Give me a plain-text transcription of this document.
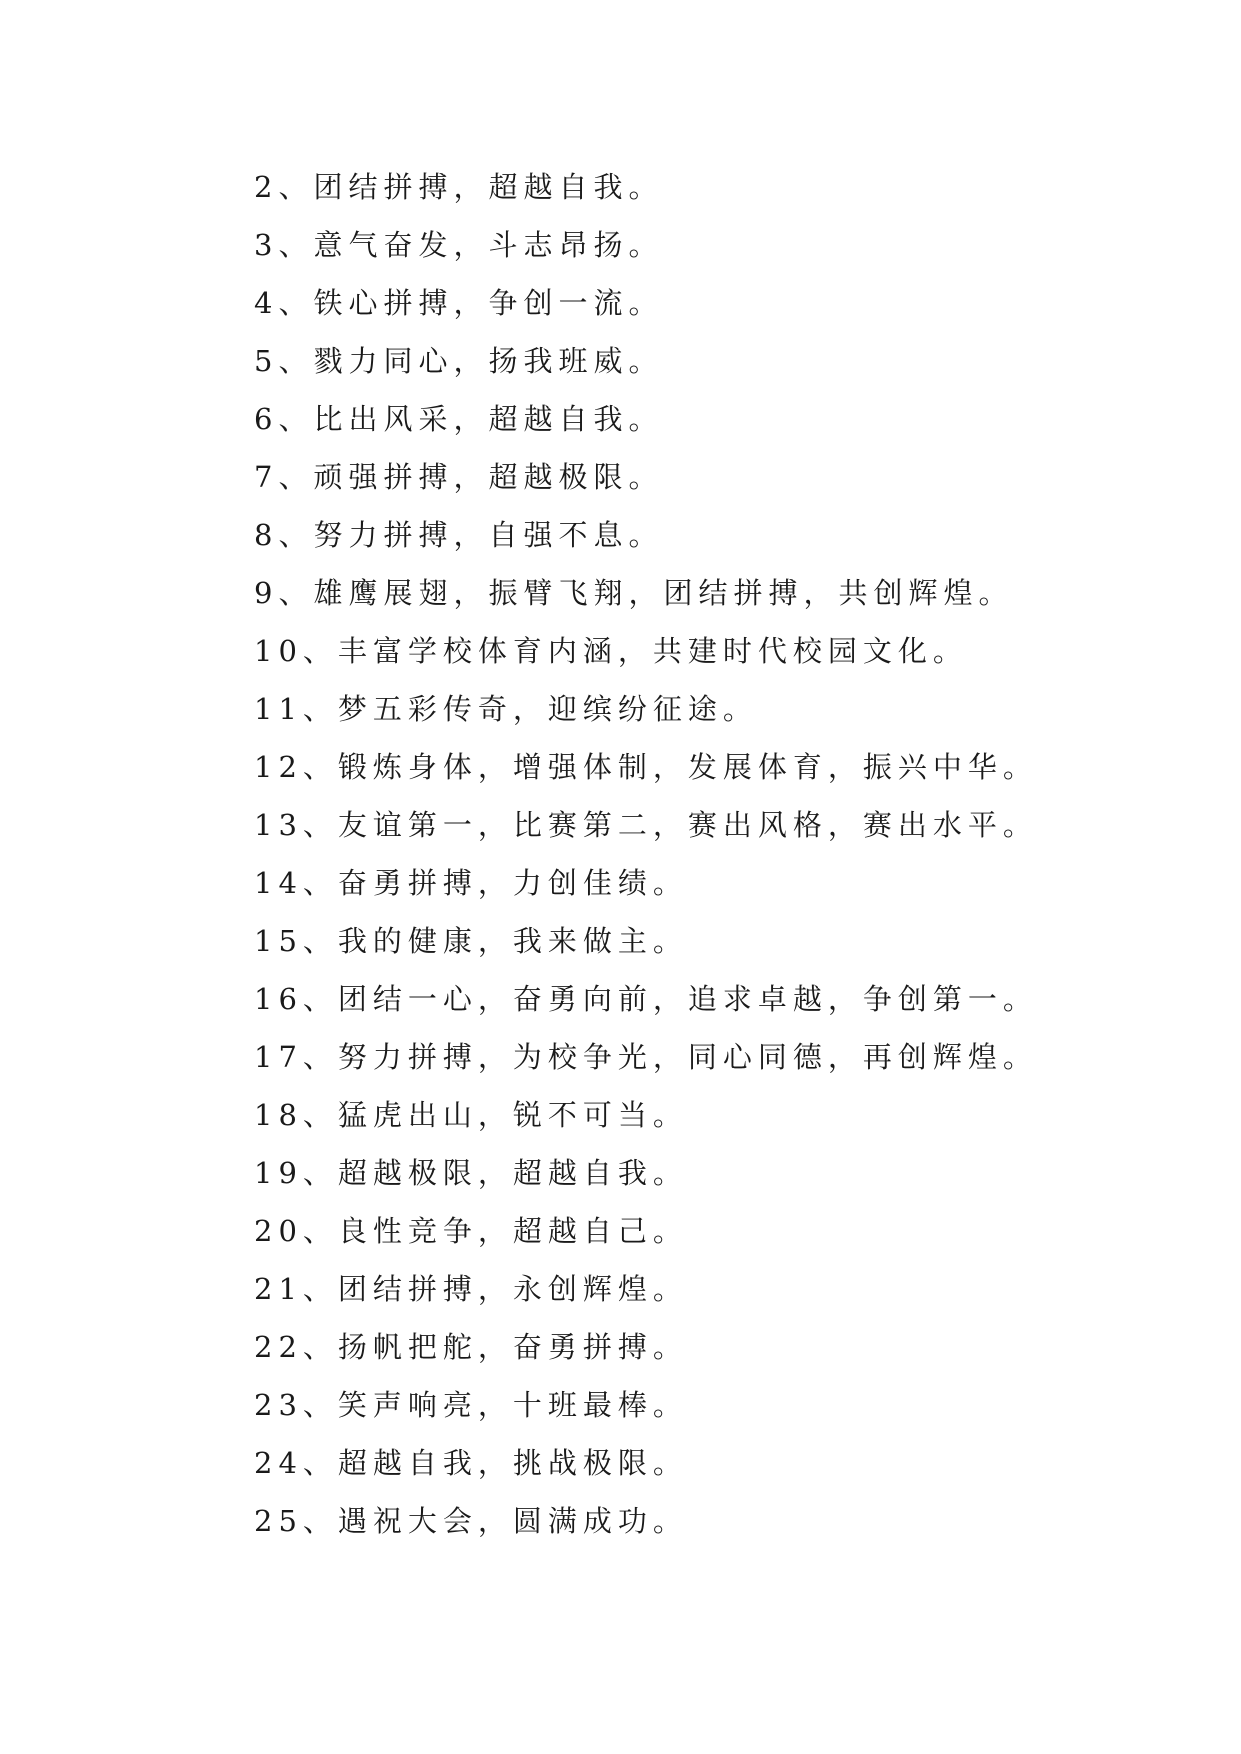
2、团结拼搏，超越自我。
3、意气奋发，斗志昂扬。
4、铁心拼搏，争创一流。
5、戮力同心，扬我班威。
6、比出风采，超越自我。
7、顽强拼搏，超越极限。
8、努力拼搏，自强不息。
9、雄鹰展翅，振臂飞翔，团结拼搏，共创辉煌。
10、丰富学校体育内涵，共建时代校园文化。
11、梦五彩传奇，迎缤纷征途。
12、锻炼身体，增强体制，发展体育，振兴中华。
13、友谊第一，比赛第二，赛出风格，赛出水平。
14、奋勇拼搏，力创佳绩。
15、我的健康，我来做主。
16、团结一心，奋勇向前，追求卓越，争创第一。
17、努力拼搏，为校争光，同心同德，再创辉煌。
18、猛虎出山，锐不可当。
19、超越极限，超越自我。
20、良性竞争，超越自己。
21、团结拼搏，永创辉煌。
22、扬帆把舵，奋勇拼搏。
23、笑声响亮，十班最棒。
24、超越自我，挑战极限。
25、遇祝大会，圆满成功。
